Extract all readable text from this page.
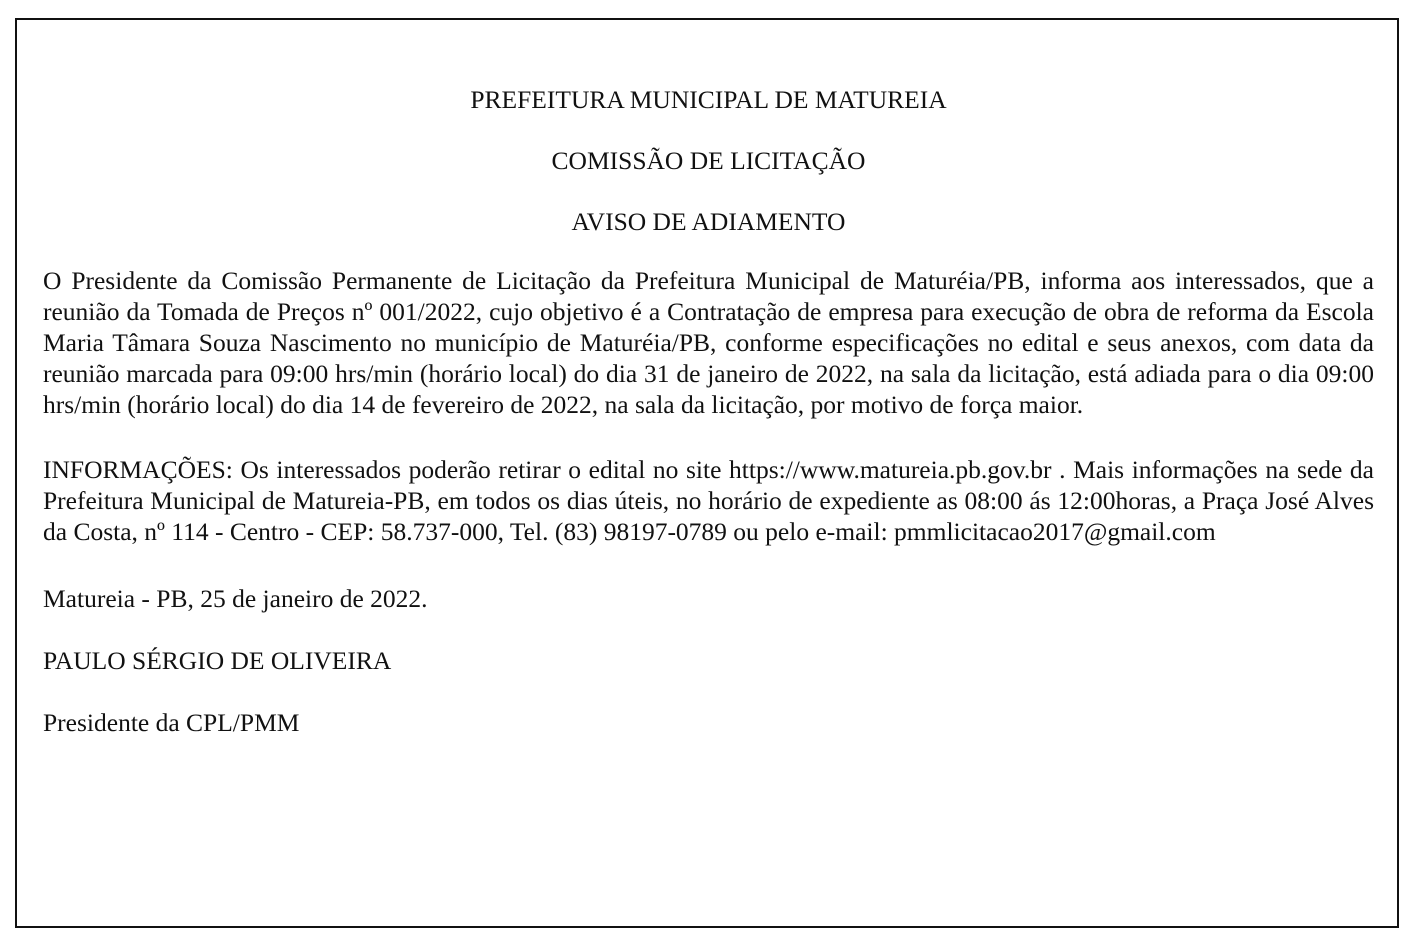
PREFEITURA MUNICIPAL DE MATUREIA
COMISSÃO DE LICITAÇÃO
AVISO DE ADIAMENTO
O Presidente da Comissão Permanente de Licitação da Prefeitura Municipal de Maturéia/PB, informa aos interessados, que a reunião da Tomada de Preços nº 001/2022, cujo objetivo é a Contratação de empresa para execução de obra de reforma da Escola Maria Tâmara Souza Nascimento no município de Maturéia/PB, conforme especificações no edital e seus anexos, com data da reunião marcada para 09:00 hrs/min (horário local) do dia 31 de janeiro de 2022, na sala da licitação, está adiada para o dia 09:00 hrs/min (horário local) do dia 14 de fevereiro de 2022, na sala da licitação, por motivo de força maior.
INFORMAÇÕES: Os interessados poderão retirar o edital no site https://www.matureia.pb.gov.br . Mais informações na sede da Prefeitura Municipal de Matureia-PB, em todos os dias úteis, no horário de expediente as 08:00 ás 12:00horas, a Praça José Alves da Costa, nº 114 - Centro - CEP: 58.737-000, Tel. (83) 98197-0789 ou pelo e-mail: pmmlicitacao2017@gmail.com
Matureia - PB, 25 de janeiro de 2022.
PAULO SÉRGIO DE OLIVEIRA
Presidente da CPL/PMM
